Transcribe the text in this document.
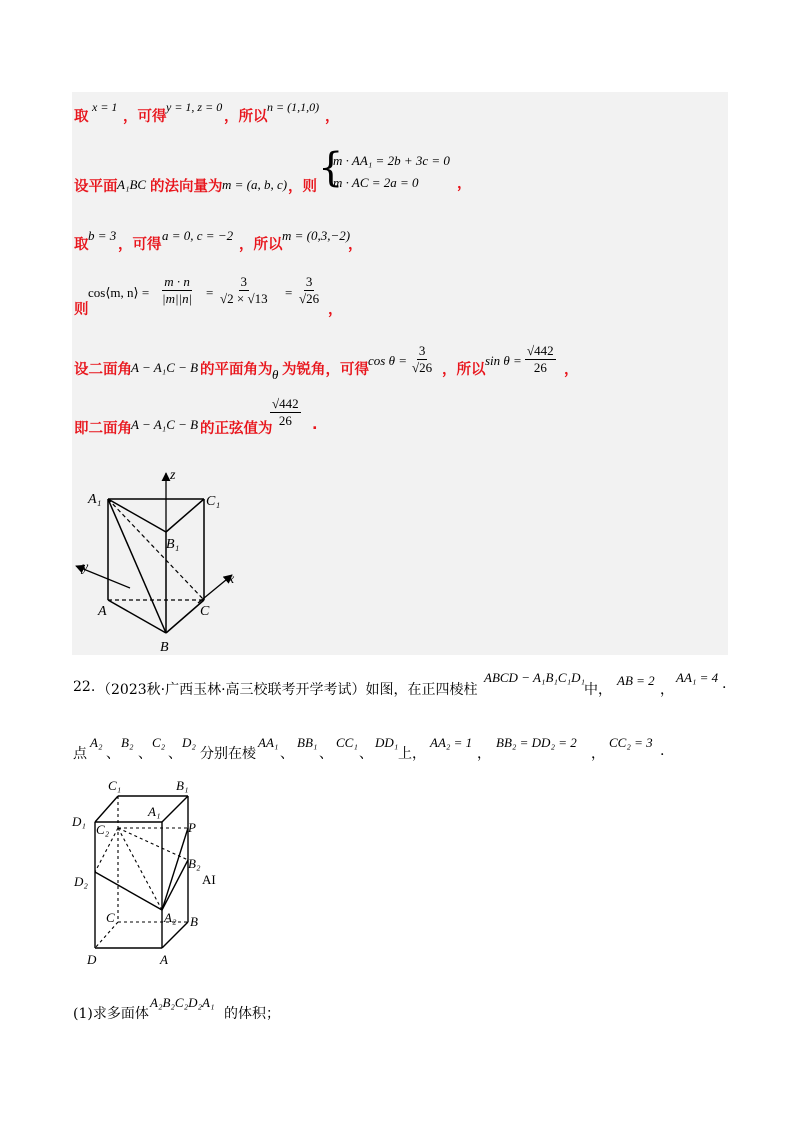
取
x = 1
，可得
y = 1, z = 0
，所以
n = (1,1,0)
，
设平面 A₁BC 的法向量为 m = (a, b, c) ，则 {
m · AA₁ = 2b + 3c = 0
m · AC = 2a = 0	，
取
b = 3
，可得
a = 0, c = −2
，所以
m = (0,3,−2)
，
则
cos⟨m, n⟩ = $\frac{m \cdot n}{|m||n|} = \frac{3}{√2 \times √13} = \frac{3}{√26}$
，
设二面角 A − A₁C − B 的平面角为 θ 为锐角，可得
$\cos \theta = \frac{3}{√26}$ ，所以
$\sin \theta = \frac{√442}{26}$ ，
即二面角 A − A₁C − B 的正弦值为
$\frac{√442}{26}$ .
z
A₁	C₁
B₁
y
x
A	C
B
22. （2023秋·广西玉林·高三校联考开学考试）如图，在正四棱柱
ABCD − A₁B₁C₁D₁
中，
AB = 2
，
AA₁ = 4 .
点
A₂
、
B₂
、
C₂
、
D₂
分别在棱
AA₁
、
BB₁
、
CC₁
、
DD₁
上，
AA₂ = 1
，
BB₂ = DD₂ = 2
，
CC₂ = 3
.
C₁	B₁
A₁
D₁
C₂	P
B₂
AI
D₂
C	A₂ B
D	A
(1)求多面体
A₂B₂C₂D₂A₁
的体积；
